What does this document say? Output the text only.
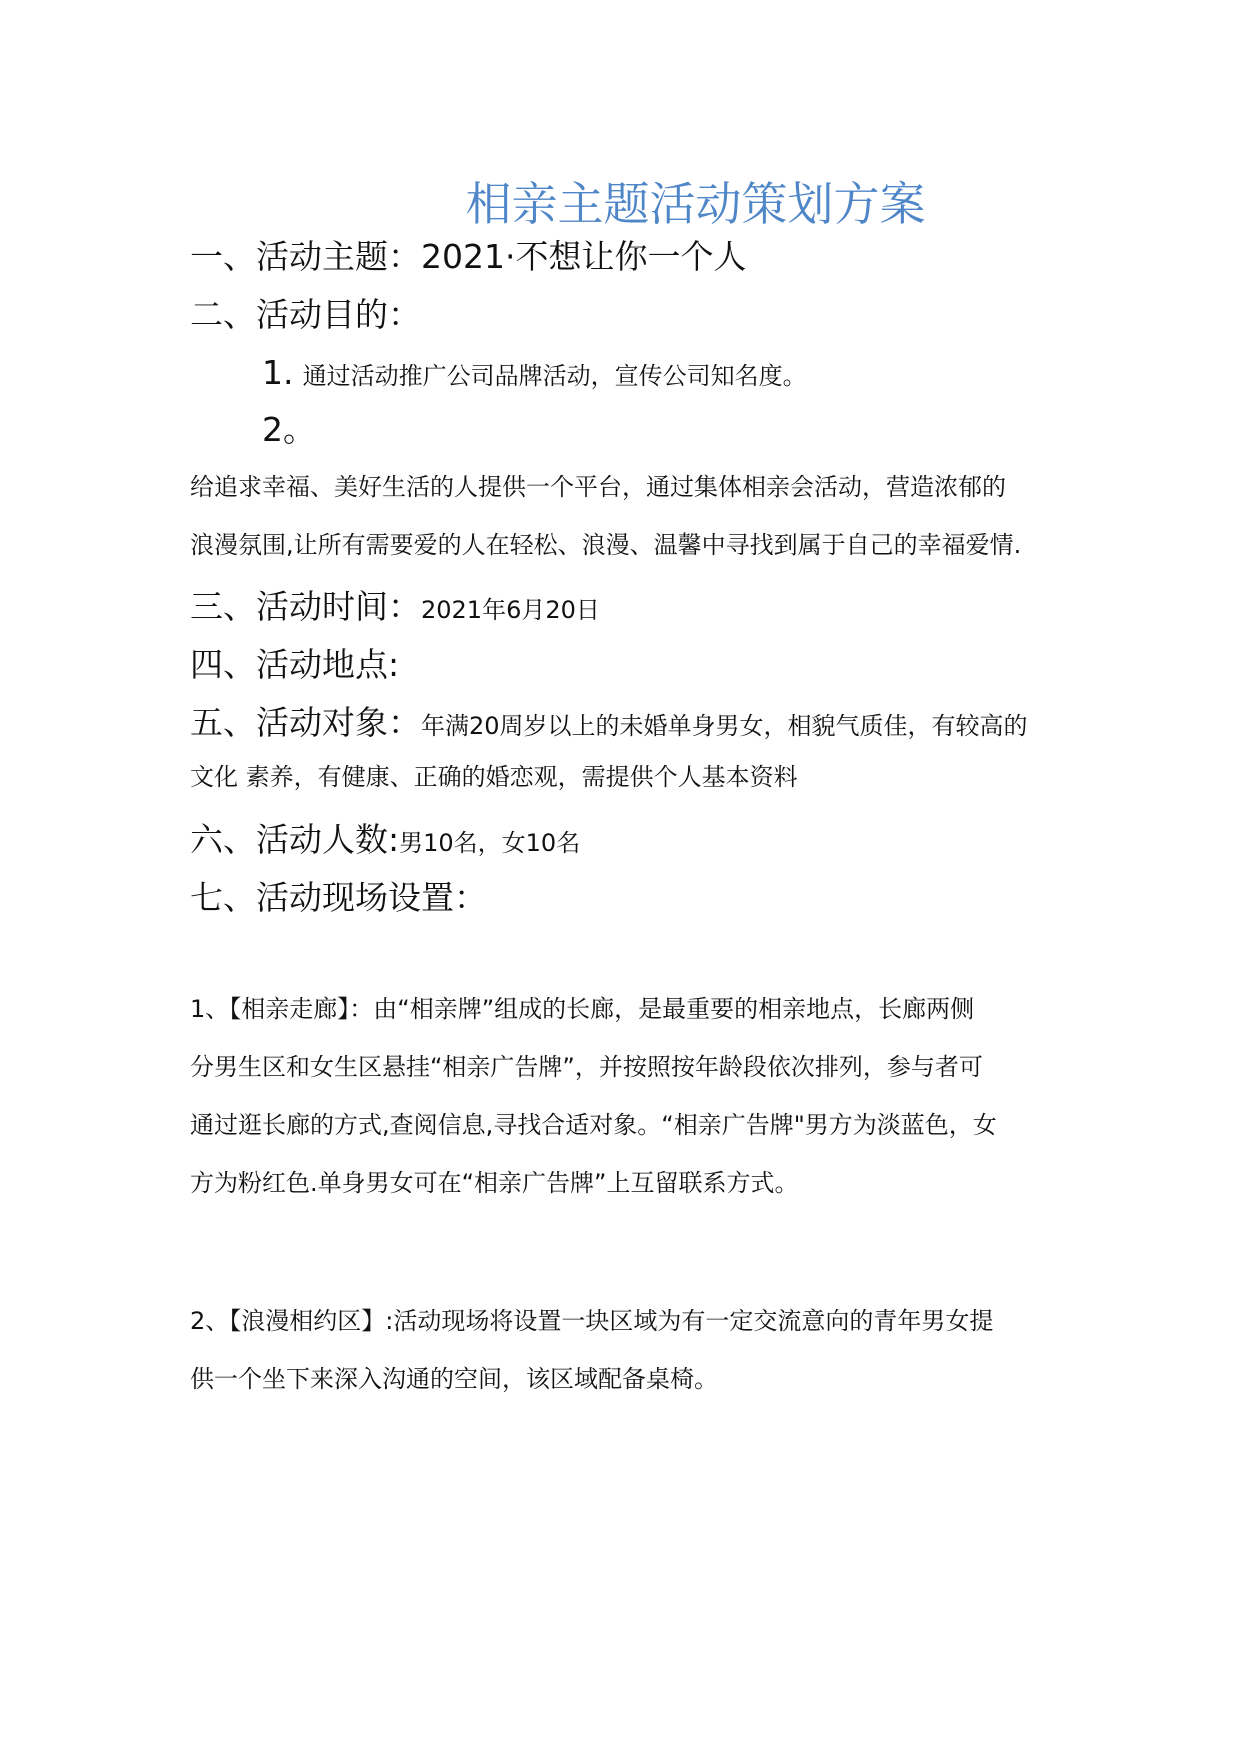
相亲主题活动策划方案
一、活动主题：2021·不想让你一个人
二、活动目的：
1. 通过活动推广公司品牌活动，宣传公司知名度。
2。
给追求幸福、美好生活的人提供一个平台，通过集体相亲会活动，营造浓郁的
浪漫氛围,让所有需要爱的人在轻松、浪漫、温馨中寻找到属于自己的幸福爱情.
三、活动时间：2021年6月20日
四、活动地点:
五、活动对象：年满20周岁以上的未婚单身男女，相貌气质佳，有较高的
文化 素养，有健康、正确的婚恋观，需提供个人基本资料
六、活动人数:男10名，女10名
七、活动现场设置：
1、【相亲走廊】：由“相亲牌”组成的长廊，是最重要的相亲地点，长廊两侧
分男生区和女生区悬挂“相亲广告牌”，并按照按年龄段依次排列，参与者可
通过逛长廊的方式,查阅信息,寻找合适对象。“相亲广告牌"男方为淡蓝色，女
方为粉红色.单身男女可在“相亲广告牌”上互留联系方式。
2、【浪漫相约区】:活动现场将设置一块区域为有一定交流意向的青年男女提
供一个坐下来深入沟通的空间，该区域配备桌椅。
